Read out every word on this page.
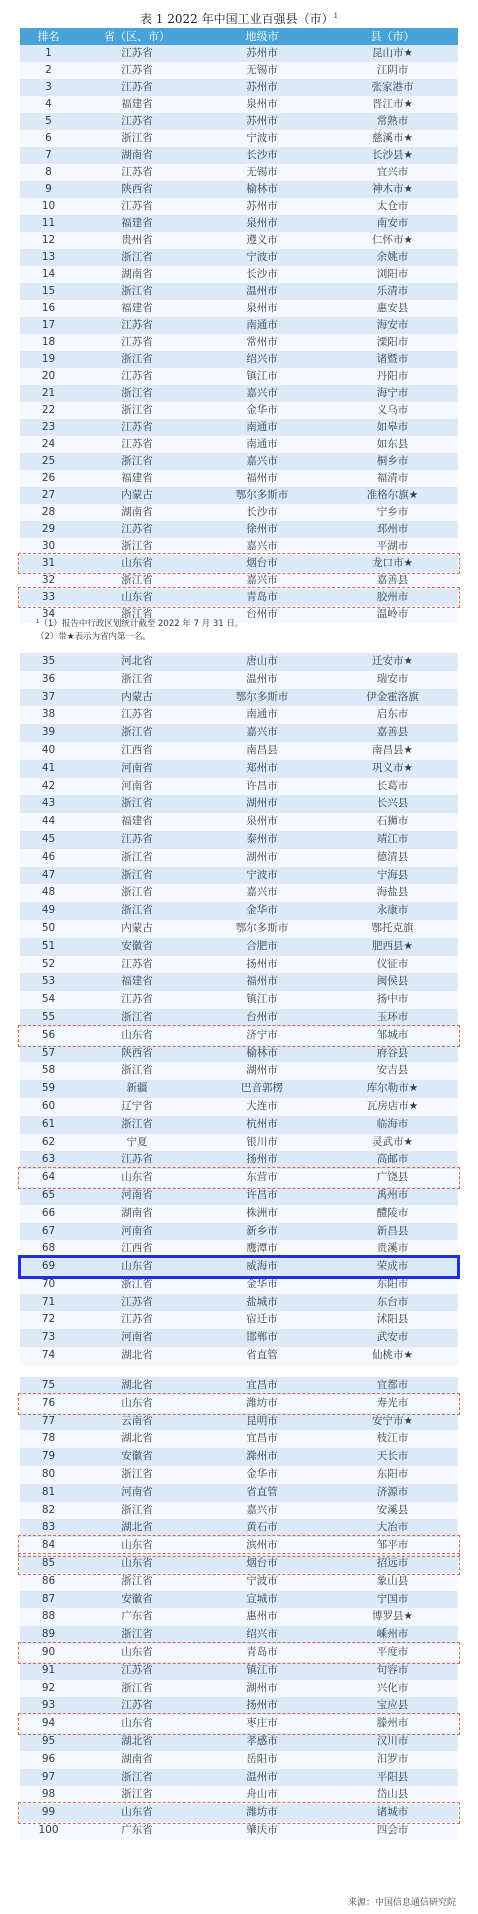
表 1 2022 年中国工业百强县（市）$^1$
排名	省（区、市）	地级市	县（市）
1	江苏省	苏州市	昆山市★
2	江苏省	无锡市	江阴市
3	江苏省	苏州市	张家港市
4	福建省	泉州市	晋江市★
5	江苏省	苏州市	常熟市
6	浙江省	宁波市	慈溪市★
7	湖南省	长沙市	长沙县★
8	江苏省	无锡市	宜兴市
9	陕西省	榆林市	神木市★
10	江苏省	苏州市	太仓市
11	福建省	泉州市	南安市
12	贵州省	遵义市	仁怀市★
13	浙江省	宁波市	余姚市
14	湖南省	长沙市	浏阳市
15	浙江省	温州市	乐清市
16	福建省	泉州市	惠安县
17	江苏省	南通市	海安市
18	江苏省	常州市	溧阳市
19	浙江省	绍兴市	诸暨市
20	江苏省	镇江市	丹阳市
21	浙江省	嘉兴市	海宁市
22	浙江省	金华市	义乌市
23	江苏省	南通市	如皋市
24	江苏省	南通市	如东县
25	浙江省	嘉兴市	桐乡市
26	福建省	福州市	福清市
27	内蒙古	鄂尔多斯市	准格尔旗★
28	湖南省	长沙市	宁乡市
29	江苏省	徐州市	邳州市
30	浙江省	嘉兴市	平湖市
31	山东省	烟台市	龙口市★
32	浙江省	嘉兴市	嘉善县
33	山东省	青岛市	胶州市
34	浙江省	台州市	温岭市
¹（1）报告中行政区划统计截至 2022 年 7 月 31 日。
（2）带★表示为省内第一名。
35	河北省	唐山市	迁安市★
36	浙江省	温州市	瑞安市
37	内蒙古	鄂尔多斯市	伊金霍洛旗
38	江苏省	南通市	启东市
39	浙江省	嘉兴市	嘉善县
40	江西省	南昌县	南昌县★
41	河南省	郑州市	巩义市★
42	河南省	许昌市	长葛市
43	浙江省	湖州市	长兴县
44	福建省	泉州市	石狮市
45	江苏省	泰州市	靖江市
46	浙江省	湖州市	德清县
47	浙江省	宁波市	宁海县
48	浙江省	嘉兴市	海盐县
49	浙江省	金华市	永康市
50	内蒙古	鄂尔多斯市	鄂托克旗
51	安徽省	合肥市	肥西县★
52	江苏省	扬州市	仪征市
53	福建省	福州市	闽侯县
54	江苏省	镇江市	扬中市
55	浙江省	台州市	玉环市
56	山东省	济宁市	邹城市
57	陕西省	榆林市	府谷县
58	浙江省	湖州市	安吉县
59	新疆	巴音郭楞	库尔勒市★
60	辽宁省	大连市	瓦房店市★
61	浙江省	杭州市	临海市
62	宁夏	银川市	灵武市★
63	江苏省	扬州市	高邮市
64	山东省	东营市	广饶县
65	河南省	许昌市	禹州市
66	湖南省	株洲市	醴陵市
67	河南省	新乡市	新昌县
68	江西省	鹰潭市	贵溪市
69	山东省	威海市	荣成市
70	浙江省	金华市	东阳市
71	江苏省	盐城市	东台市
72	江苏省	宿迁市	沭阳县
73	河南省	邯郸市	武安市
74	湖北省	省直管	仙桃市★
75	湖北省	宜昌市	宜都市
76	山东省	潍坊市	寿光市
77	云南省	昆明市	安宁市★
78	湖北省	宜昌市	枝江市
79	安徽省	滁州市	天长市
80	浙江省	金华市	东阳市
81	河南省	省直管	济源市
82	浙江省	嘉兴市	安溪县
83	湖北省	黄石市	大冶市
84	山东省	滨州市	邹平市
85	山东省	烟台市	招远市
86	浙江省	宁波市	象山县
87	安徽省	宣城市	宁国市
88	广东省	惠州市	博罗县★
89	浙江省	绍兴市	嵊州市
90	山东省	青岛市	平度市
91	江苏省	镇江市	句容市
92	浙江省	湖州市	兴化市
93	江苏省	扬州市	宝应县
94	山东省	枣庄市	滕州市
95	湖北省	孝感市	汉川市
96	湖南省	岳阳市	汨罗市
97	浙江省	温州市	平阳县
98	浙江省	舟山市	岱山县
99	山东省	潍坊市	诸城市
100	广东省	肇庆市	四会市
来源：中国信息通信研究院
